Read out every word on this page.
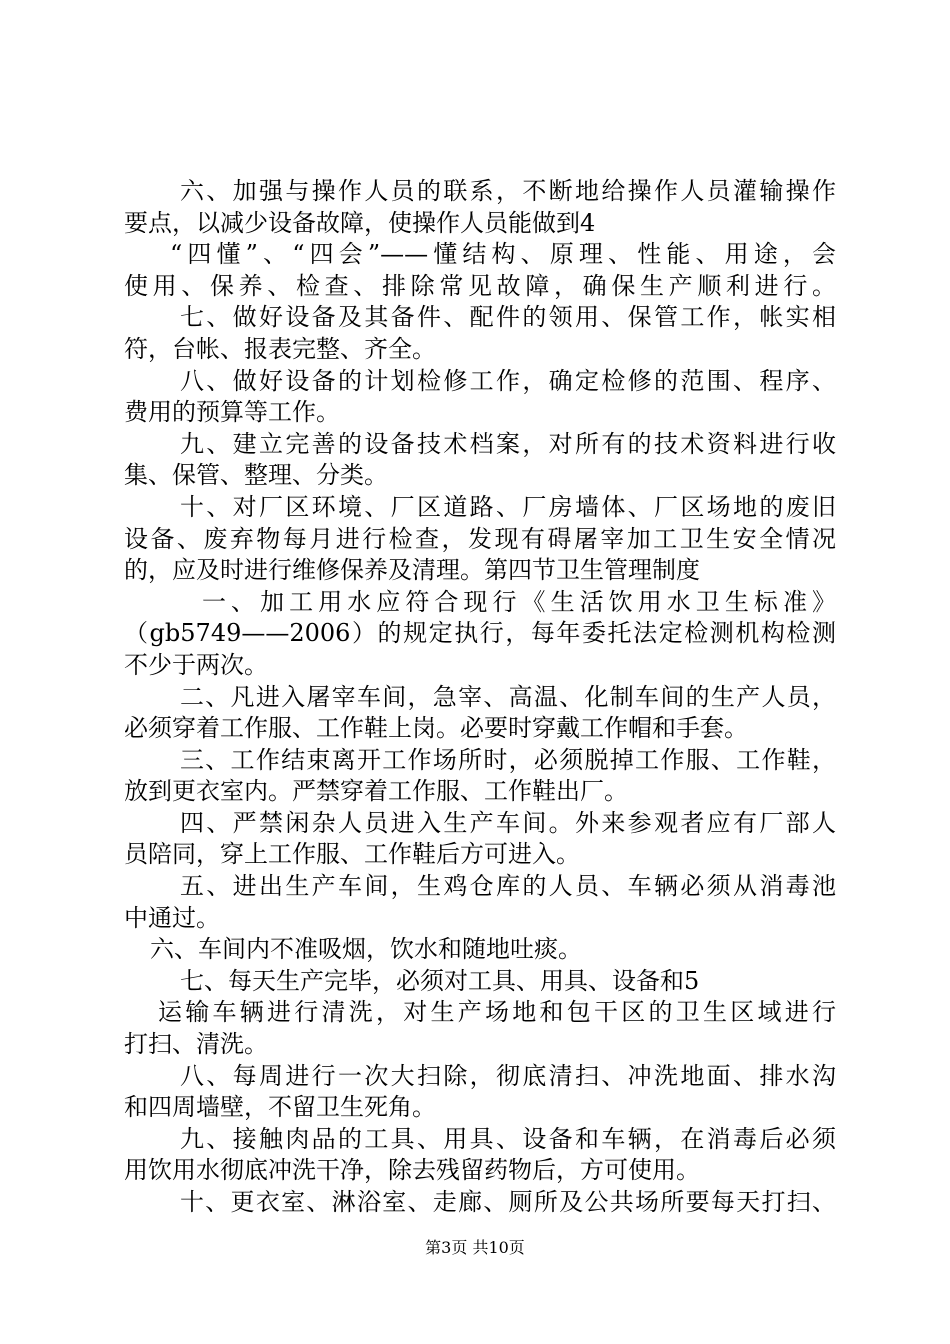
六、加强与操作人员的联系，不断地给操作人员灌输操作
要点，以减少设备故障，使操作人员能做到4
“四懂”、“四会”——懂结构、原理、性能、用途，会
使用、保养、检查、排除常见故障，确保生产顺利进行。
七、做好设备及其备件、配件的领用、保管工作，帐实相
符，台帐、报表完整、齐全。
八、做好设备的计划检修工作，确定检修的范围、程序、
费用的预算等工作。
九、建立完善的设备技术档案，对所有的技术资料进行收
集、保管、整理、分类。
十、对厂区环境、厂区道路、厂房墙体、厂区场地的废旧
设备、废弃物每月进行检查，发现有碍屠宰加工卫生安全情况
的，应及时进行维修保养及清理。第四节卫生管理制度
一、加工用水应符合现行《生活饮用水卫生标准》
（gb5749——2006）的规定执行，每年委托法定检测机构检测
不少于两次。
二、凡进入屠宰车间，急宰、高温、化制车间的生产人员，
必须穿着工作服、工作鞋上岗。必要时穿戴工作帽和手套。
三、工作结束离开工作场所时，必须脱掉工作服、工作鞋，
放到更衣室内。严禁穿着工作服、工作鞋出厂。
四、严禁闲杂人员进入生产车间。外来参观者应有厂部人
员陪同，穿上工作服、工作鞋后方可进入。
五、进出生产车间，生鸡仓库的人员、车辆必须从消毒池
中通过。
六、车间内不准吸烟，饮水和随地吐痰。
七、每天生产完毕，必须对工具、用具、设备和5
运输车辆进行清洗，对生产场地和包干区的卫生区域进行
打扫、清洗。
八、每周进行一次大扫除，彻底清扫、冲洗地面、排水沟
和四周墙壁，不留卫生死角。
九、接触肉品的工具、用具、设备和车辆，在消毒后必须
用饮用水彻底冲洗干净，除去残留药物后，方可使用。
十、更衣室、淋浴室、走廊、厕所及公共场所要每天打扫、
第3页 共10页
